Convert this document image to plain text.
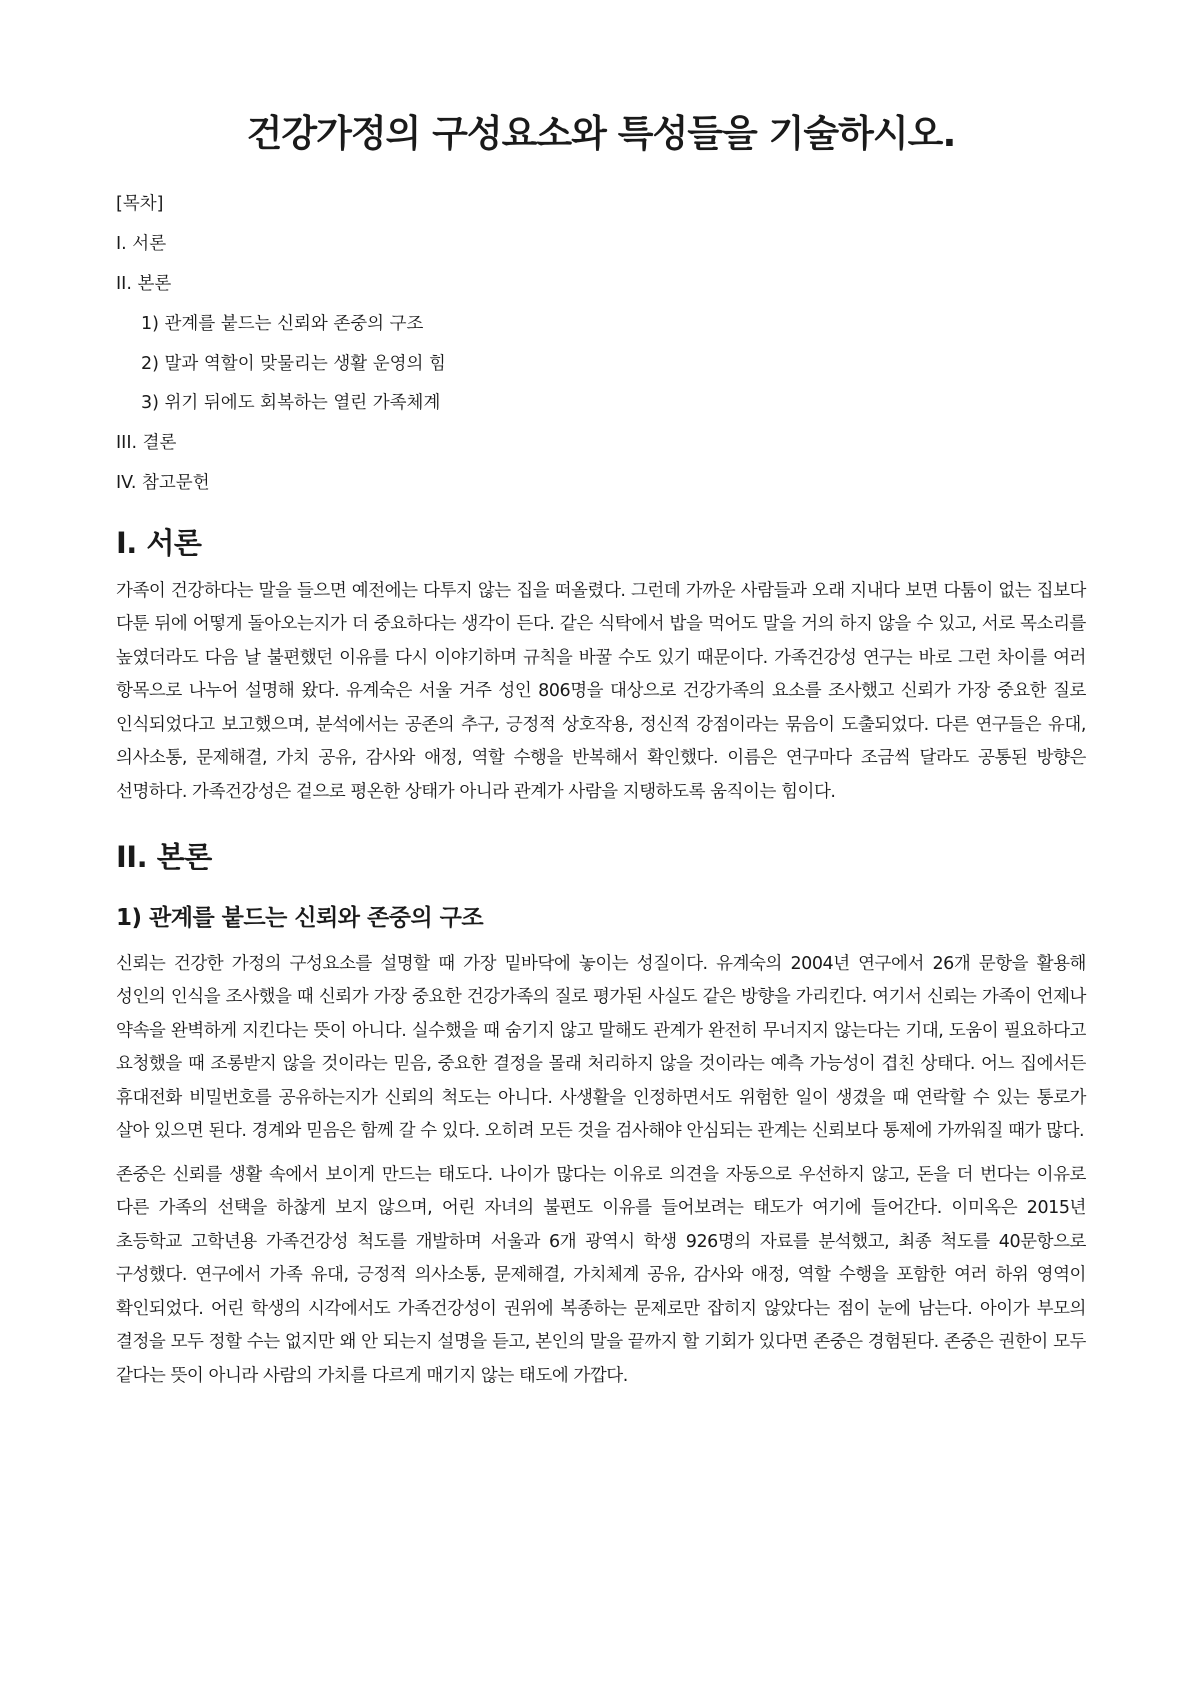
건강가정의 구성요소와 특성들을 기술하시오.
[목차]
I. 서론
II. 본론
1) 관계를 붙드는 신뢰와 존중의 구조
2) 말과 역할이 맞물리는 생활 운영의 힘
3) 위기 뒤에도 회복하는 열린 가족체계
III. 결론
IV. 참고문헌
I. 서론

가족이 건강하다는 말을 들으면 예전에는 다투지 않는 집을 떠올렸다. 그런데 가까운 사람들과 오래 지내다 보면 다툼이 없는 집보다 다툰 뒤에 어떻게 돌아오는지가 더 중요하다는 생각이 든다. 같은 식탁에서 밥을 먹어도 말을 거의 하지 않을 수 있고, 서로 목소리를 높였더라도 다음 날 불편했던 이유를 다시 이야기하며 규칙을 바꿀 수도 있기 때문이다. 가족건강성 연구는 바로 그런 차이를 여러 항목으로 나누어 설명해 왔다. 유계숙은 서울 거주 성인 806명을 대상으로 건강가족의 요소를 조사했고 신뢰가 가장 중요한 질로 인식되었다고 보고했으며, 분석에서는 공존의 추구, 긍정적 상호작용, 정신적 강점이라는 묶음이 도출되었다. 다른 연구들은 유대, 의사소통, 문제해결, 가치 공유, 감사와 애정, 역할 수행을 반복해서 확인했다. 이름은 연구마다 조금씩 달라도 공통된 방향은 선명하다. 가족건강성은 겉으로 평온한 상태가 아니라 관계가 사람을 지탱하도록 움직이는 힘이다.

II. 본론
1) 관계를 붙드는 신뢰와 존중의 구조

신뢰는 건강한 가정의 구성요소를 설명할 때 가장 밑바닥에 놓이는 성질이다. 유계숙의 2004년 연구에서 26개 문항을 활용해 성인의 인식을 조사했을 때 신뢰가 가장 중요한 건강가족의 질로 평가된 사실도 같은 방향을 가리킨다. 여기서 신뢰는 가족이 언제나 약속을 완벽하게 지킨다는 뜻이 아니다. 실수했을 때 숨기지 않고 말해도 관계가 완전히 무너지지 않는다는 기대, 도움이 필요하다고 요청했을 때 조롱받지 않을 것이라는 믿음, 중요한 결정을 몰래 처리하지 않을 것이라는 예측 가능성이 겹친 상태다. 어느 집에서든 휴대전화 비밀번호를 공유하는지가 신뢰의 척도는 아니다. 사생활을 인정하면서도 위험한 일이 생겼을 때 연락할 수 있는 통로가 살아 있으면 된다. 경계와 믿음은 함께 갈 수 있다. 오히려 모든 것을 검사해야 안심되는 관계는 신뢰보다 통제에 가까워질 때가 많다.

존중은 신뢰를 생활 속에서 보이게 만드는 태도다. 나이가 많다는 이유로 의견을 자동으로 우선하지 않고, 돈을 더 번다는 이유로 다른 가족의 선택을 하찮게 보지 않으며, 어린 자녀의 불편도 이유를 들어보려는 태도가 여기에 들어간다. 이미옥은 2015년 초등학교 고학년용 가족건강성 척도를 개발하며 서울과 6개 광역시 학생 926명의 자료를 분석했고, 최종 척도를 40문항으로 구성했다. 연구에서 가족 유대, 긍정적 의사소통, 문제해결, 가치체계 공유, 감사와 애정, 역할 수행을 포함한 여러 하위 영역이 확인되었다. 어린 학생의 시각에서도 가족건강성이 권위에 복종하는 문제로만 잡히지 않았다는 점이 눈에 남는다. 아이가 부모의 결정을 모두 정할 수는 없지만 왜 안 되는지 설명을 듣고, 본인의 말을 끝까지 할 기회가 있다면 존중은 경험된다. 존중은 권한이 모두 같다는 뜻이 아니라 사람의 가치를 다르게 매기지 않는 태도에 가깝다.
